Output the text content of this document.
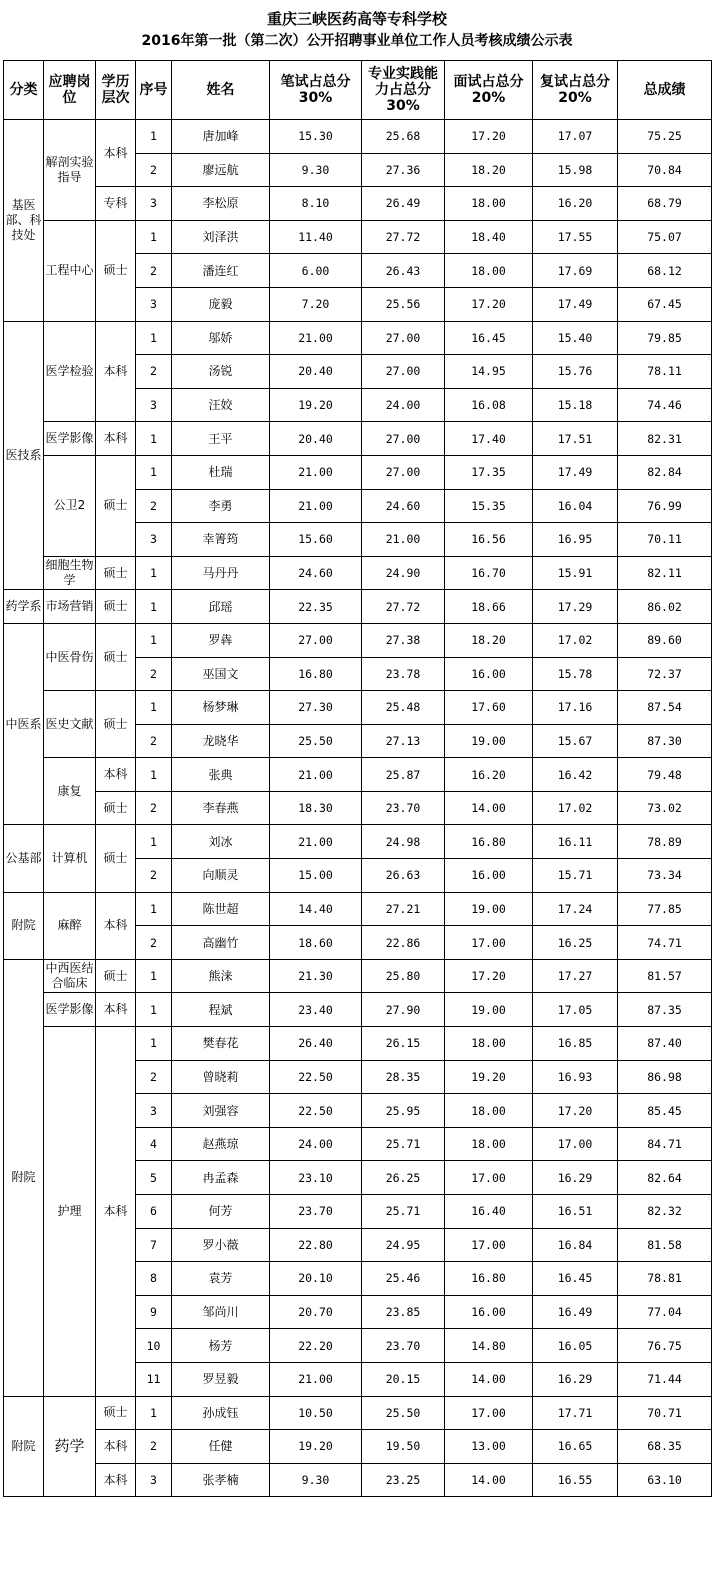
重庆三峡医药高等专科学校
2016年第一批（第二次）公开招聘事业单位工作人员考核成绩公示表
分类	应聘岗位	学历层次	序号	姓名	笔试占总分30%	专业实践能力占总分30%	面试占总分20%	复试占总分20%	总成绩
基医部、科技处	解剖实验指导	本科	1	唐加峰	15.30	25.68	17.20	17.07	75.25
			2	廖远航	9.30	27.36	18.20	15.98	70.84
		专科	3	李松原	8.10	26.49	18.00	16.20	68.79
	工程中心	硕士	1	刘泽洪	11.40	27.72	18.40	17.55	75.07
			2	潘连红	6.00	26.43	18.00	17.69	68.12
			3	庞毅	7.20	25.56	17.20	17.49	67.45
医技系	医学检验	本科	1	邬娇	21.00	27.00	16.45	15.40	79.85
			2	汤锐	20.40	27.00	14.95	15.76	78.11
			3	汪姣	19.20	24.00	16.08	15.18	74.46
	医学影像	本科	1	王平	20.40	27.00	17.40	17.51	82.31
	公卫2	硕士	1	杜瑞	21.00	27.00	17.35	17.49	82.84
			2	李勇	21.00	24.60	15.35	16.04	76.99
			3	幸箐筠	15.60	21.00	16.56	16.95	70.11
	细胞生物学	硕士	1	马丹丹	24.60	24.90	16.70	15.91	82.11
药学系	市场营销	硕士	1	邱瑶	22.35	27.72	18.66	17.29	86.02
中医系	中医骨伤	硕士	1	罗犇	27.00	27.38	18.20	17.02	89.60
			2	巫国文	16.80	23.78	16.00	15.78	72.37
	医史文献	硕士	1	杨梦琳	27.30	25.48	17.60	17.16	87.54
			2	龙晓华	25.50	27.13	19.00	15.67	87.30
	康复	本科	1	张典	21.00	25.87	16.20	16.42	79.48
		硕士	2	李春燕	18.30	23.70	14.00	17.02	73.02
公基部	计算机	硕士	1	刘冰	21.00	24.98	16.80	16.11	78.89
			2	向顺灵	15.00	26.63	16.00	15.71	73.34
附院	麻醉	本科	1	陈世超	14.40	27.21	19.00	17.24	77.85
			2	高幽竹	18.60	22.86	17.00	16.25	74.71
附院	中西医结合临床	硕士	1	熊涞	21.30	25.80	17.20	17.27	81.57
	医学影像	本科	1	程斌	23.40	27.90	19.00	17.05	87.35
	护理	本科	1	樊春花	26.40	26.15	18.00	16.85	87.40
			2	曾晓莉	22.50	28.35	19.20	16.93	86.98
			3	刘强容	22.50	25.95	18.00	17.20	85.45
			4	赵燕琼	24.00	25.71	18.00	17.00	84.71
			5	冉孟森	23.10	26.25	17.00	16.29	82.64
			6	何芳	23.70	25.71	16.40	16.51	82.32
			7	罗小薇	22.80	24.95	17.00	16.84	81.58
			8	袁芳	20.10	25.46	16.80	16.45	78.81
			9	邹尚川	20.70	23.85	16.00	16.49	77.04
			10	杨芳	22.20	23.70	14.80	16.05	76.75
			11	罗昱毅	21.00	20.15	14.00	16.29	71.44
附院	药学	硕士	1	孙成钰	10.50	25.50	17.00	17.71	70.71
		本科	2	任健	19.20	19.50	13.00	16.65	68.35
		本科	3	张孝楠	9.30	23.25	14.00	16.55	63.10
